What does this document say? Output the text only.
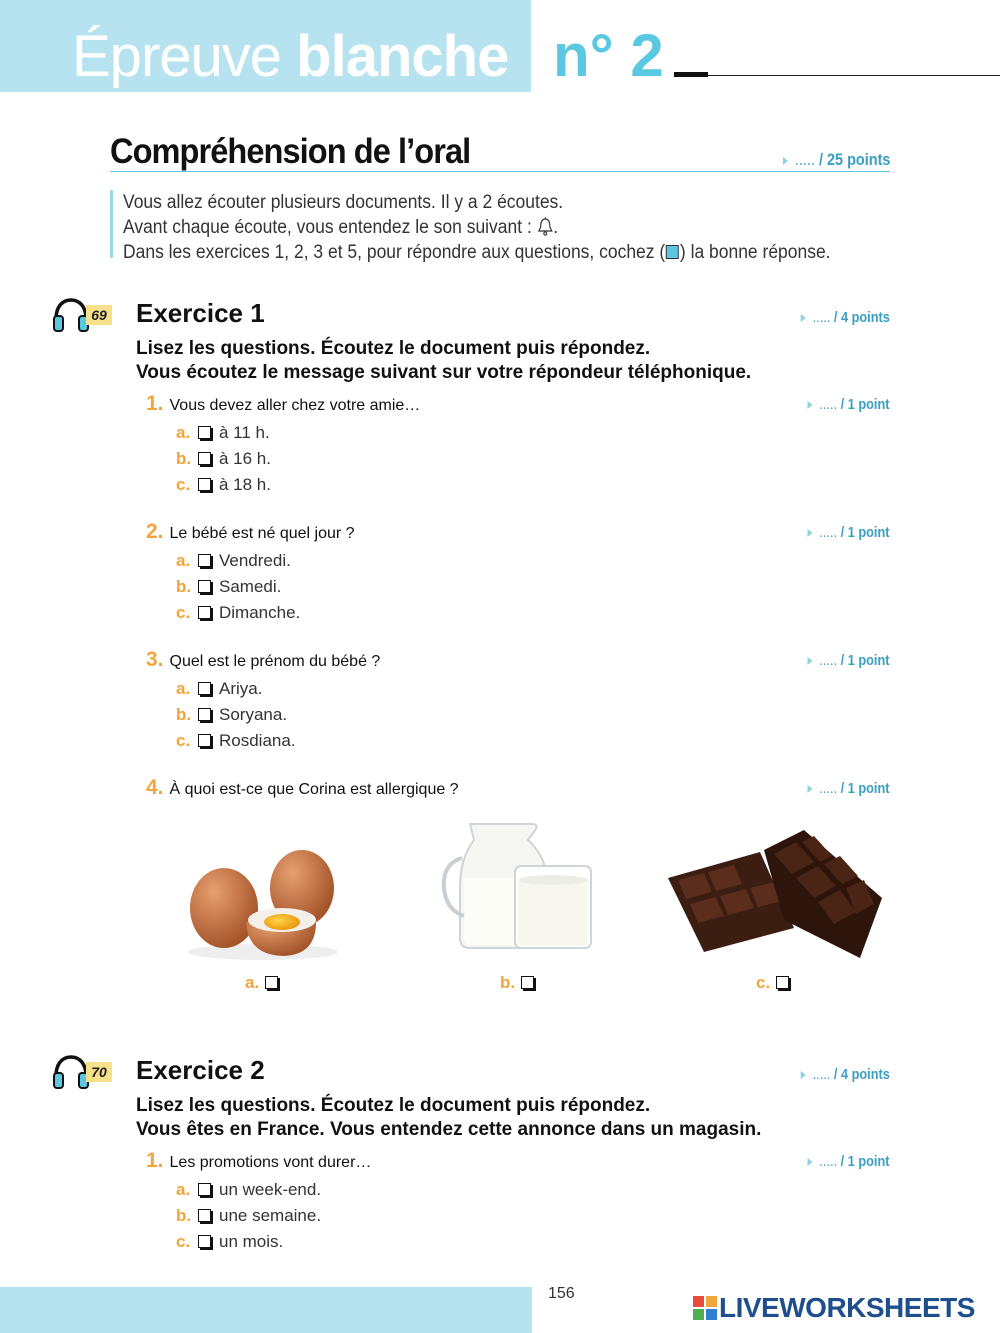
Épreuve blanche n° 2
Compréhension de l’oral	..... / 25 points
Vous allez écouter plusieurs documents. Il y a 2 écoutes.
Avant chaque écoute, vous entendez le son suivant : .
Dans les exercices 1, 2, 3 et 5, pour répondre aux questions, cochez ( ) la bonne réponse.
69 Exercice 1	..... / 4 points
Lisez les questions. Écoutez le document puis répondez.
Vous écoutez le message suivant sur votre répondeur téléphonique.
1. Vous devez aller chez votre amie…	..... / 1 point
a. à 11 h.
b. à 16 h.
c. à 18 h.
2. Le bébé est né quel jour ?	..... / 1 point
a. Vendredi.
b. Samedi.
c. Dimanche.
3. Quel est le prénom du bébé ?	..... / 1 point
a. Ariya.
b. Soryana.
c. Rosdiana.
4. À quoi est-ce que Corina est allergique ?	..... / 1 point
a.	b.	c.
70 Exercice 2	..... / 4 points
Lisez les questions. Écoutez le document puis répondez.
Vous êtes en France. Vous entendez cette annonce dans un magasin.
1. Les promotions vont durer…	..... / 1 point
a. un week-end.
b. une semaine.
c. un mois.
156	LIVEWORKSHEETS
